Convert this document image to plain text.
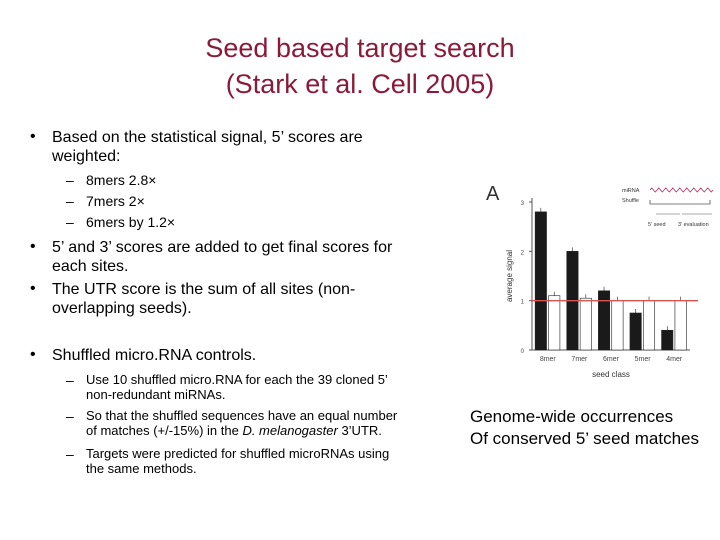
Seed based target search
(Stark et al. Cell 2005)
• Based on the statistical signal, 5’ scores are
weighted:
– 8mers 2.8×
– 7mers 2×
– 6mers by 1.2×
• 5’ and 3’ scores are added to get final scores for
each sites.
• The UTR score is the sum of all sites (non-
overlapping seeds).
• Shuffled micro.RNA controls.
– Use 10 shuffled micro.RNA for each the 39 cloned 5’
non-redundant miRNAs.
– So that the shuffled sequences have an equal number
of matches (+/-15%) in the D. melanogaster 3’UTR.
– Targets were predicted for shuffled microRNAs using
the same methods.
Genome-wide occurrences
Of conserved 5’ seed matches
A
0
1
2
3
average signal
8mer 7mer 6mer 5mer 4mer
seed class
miRNA
Shuffle
5’ seed 3’ evaluation
